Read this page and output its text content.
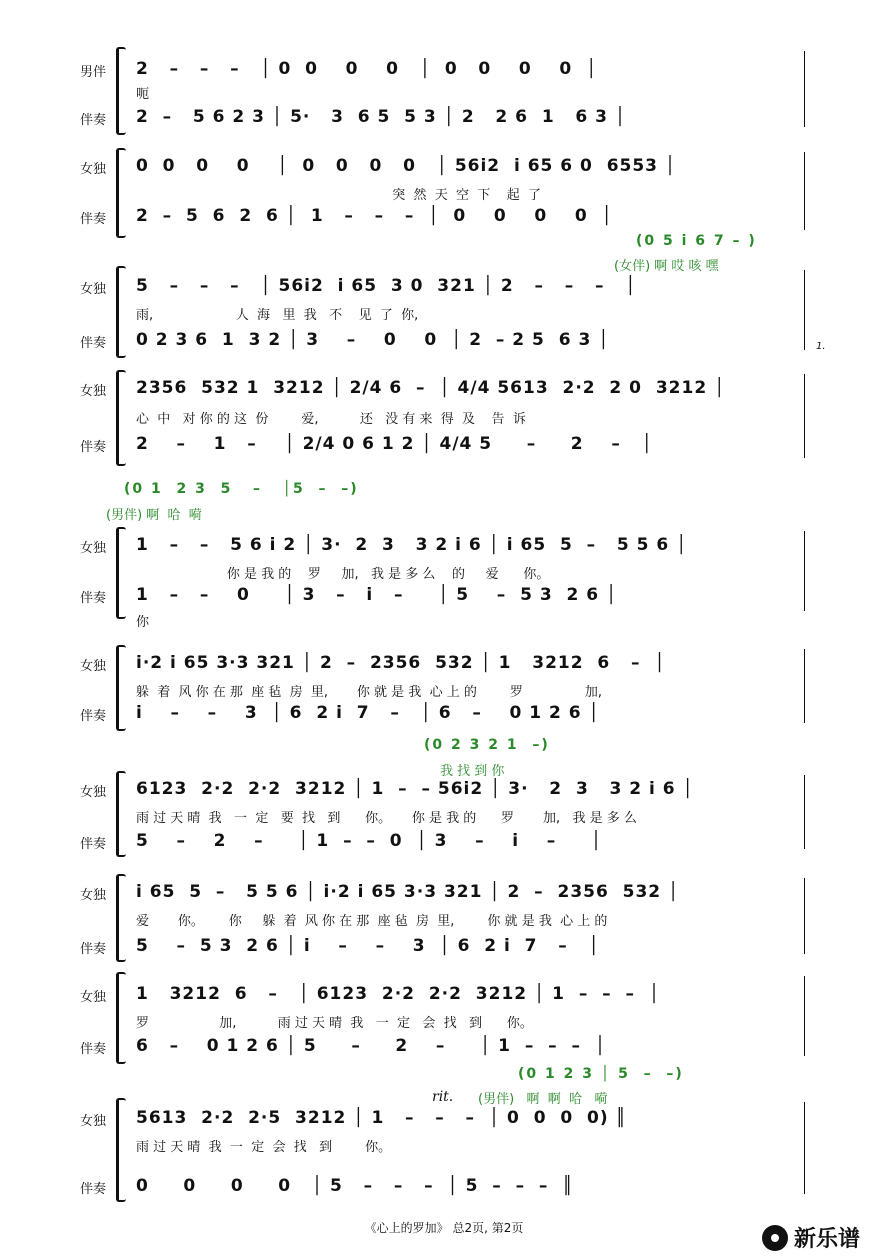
男伴	2   –   –   –   │ 0  0    0    0   │  0   0    0    0  │
呃
伴奏	2  –   5 6 2 3 │ 5·   3  6 5  5 3 │ 2   2 6  1   6 3 │
女独	0  0   0    0    │  0   0   0   0   │ 56i2  i 65 6 0  6553 │
突  然  天  空  下    起  了
伴奏	2  –  5  6  2  6 │  1   –   –   –  │  0    0    0    0  │
女独	5   –   –   –   │ 56i2  i 65  3 0  321 │ 2   –   –   –   │
雨,                    人  海   里  我   不    见  了  你,
伴奏	0 2 3 6  1  3 2 │ 3    –    0    0  │ 2  – 2 5  6 3 │
女独	2356  532 1  3212 │ 2/4 6  –  │ 4/4 5613  2·2  2 0  3212 │
心  中   对 你 的 这  份        爱,          还   没 有 来  得  及    告  诉
伴奏	2    –    1   –    │ 2/4 0 6 1 2 │ 4/4 5     –     2    –   │
女独	1   –   –   5 6 i 2 │ 3·  2  3   3 2 i 6 │ i 65  5  –   5 5 6 │
你 是 我 的    罗     加,   我 是 多 么    的     爱      你。
伴奏	1   –   –    0     │ 3   –   i   –     │ 5    –  5 3  2 6 │
你
女独	i·2 i 65 3·3 321 │ 2  –  2356  532 │ 1   3212  6   –  │
躲  着  风 你 在 那  座 毡  房  里,       你 就 是 我  心 上 的        罗               加,
伴奏	i    –    –    3  │ 6  2 i  7   –   │ 6   –    0 1 2 6 │
女独	6123  2·2  2·2  3212 │ 1  –  – 56i2 │ 3·   2  3   3 2 i 6 │
雨 过 天 晴  我   一  定   要  找   到      你。     你 是 我 的      罗       加,   我 是 多 么
伴奏	5    –    2    –     │ 1  –  –  0  │ 3    –    i    –     │
女独	i 65  5  –   5 5 6 │ i·2 i 65 3·3 321 │ 2  –  2356  532 │
爱       你。      你     躲  着  风 你 在 那  座 毡  房  里,        你 就 是 我  心 上 的
伴奏	5    –  5 3  2 6 │ i    –    –    3  │ 6  2 i  7   –   │
女独	1   3212  6   –   │ 6123  2·2  2·2  3212 │ 1  –  –  –  │
罗                 加,          雨 过 天 晴  我   一  定   会  找   到      你。
伴奏	6   –    0 1 2 6 │ 5     –     2    –     │ 1  –  –  –  │
女独	5613  2·2  2·5  3212 │ 1   –   –   –  │ 0  0  0  0) ║
雨 过 天 晴  我  一  定  会  找   到        你。
伴奏	0     0     0     0   │ 5   –   –   –  │ 5  –  –  –  ║
(0 5 i 6 7 – )
(女伴) 啊 哎 咳 嘿
(0 1  2 3  5   –   │5  –  –)
(男伴) 啊  哈  嗬
(0 2 3 2 1  –)
我 找 到 你
(0 1 2 3 │ 5  –  –)
(男伴)   啊  啊  哈   嗬
rit.
1.
《心上的罗加》 总2页, 第2页	新乐谱
